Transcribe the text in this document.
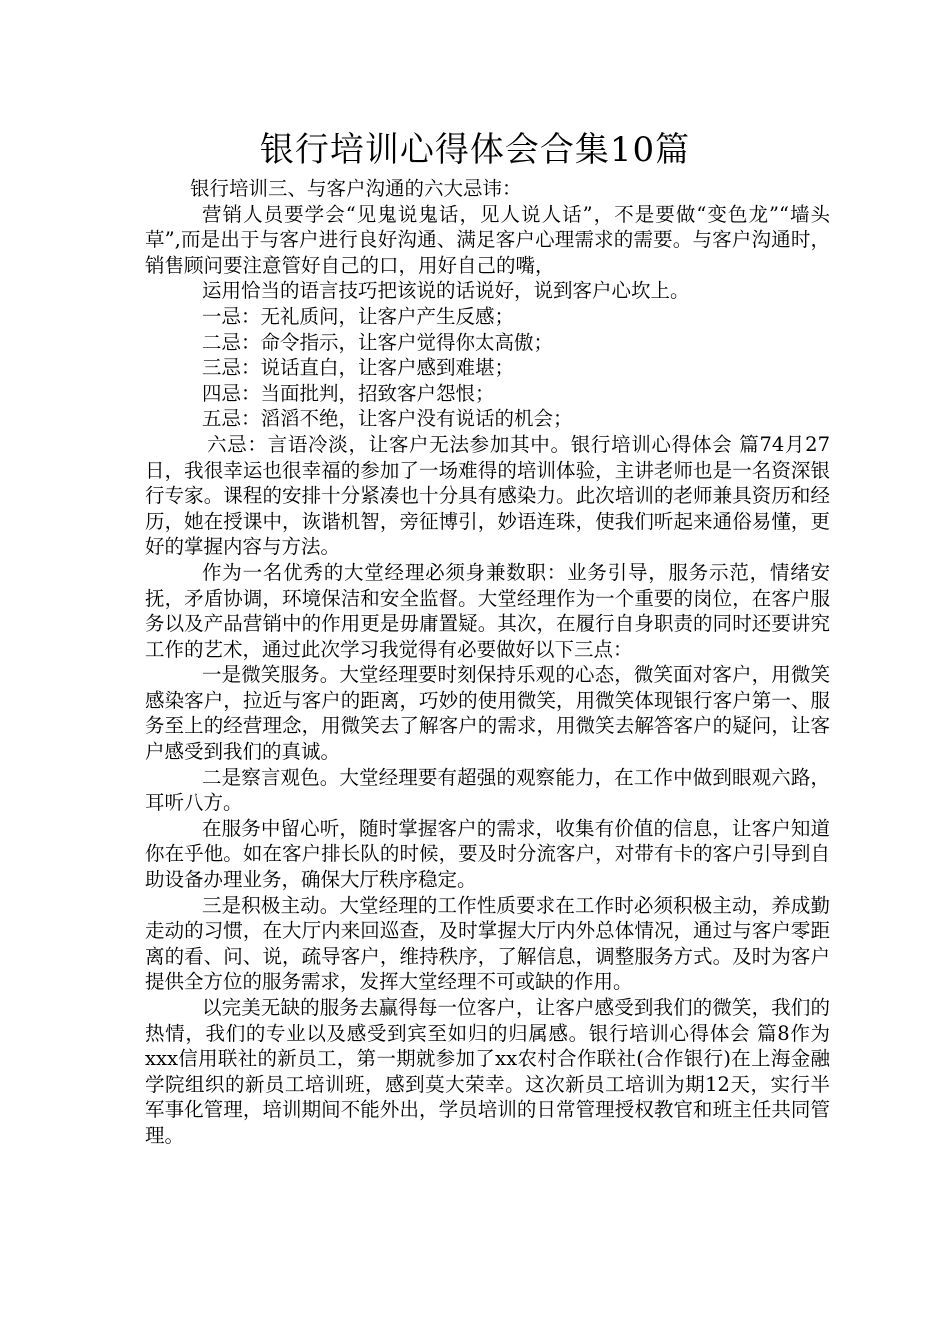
银行培训心得体会合集10篇

银行培训三、与客户沟通的六大忌讳：

营销人员要学会“见鬼说鬼话，见人说人话”，不是要做“变色龙”“墙头草”,而是出于与客户进行良好沟通、满足客户心理需求的需要。与客户沟通时，销售顾问要注意管好自己的口，用好自己的嘴，

运用恰当的语言技巧把该说的话说好，说到客户心坎上。

一忌：无礼质问，让客户产生反感；

二忌：命令指示，让客户觉得你太高傲；

三忌：说话直白，让客户感到难堪；

四忌：当面批判，招致客户怨恨；

五忌：滔滔不绝，让客户没有说话的机会；

六忌：言语冷淡，让客户无法参加其中。银行培训心得体会 篇74月27日，我很幸运也很幸福的参加了一场难得的培训体验，主讲老师也是一名资深银行专家。课程的安排十分紧凑也十分具有感染力。此次培训的老师兼具资历和经历，她在授课中，诙谐机智，旁征博引，妙语连珠，使我们听起来通俗易懂，更好的掌握内容与方法。

作为一名优秀的大堂经理必须身兼数职：业务引导，服务示范，情绪安抚，矛盾协调，环境保洁和安全监督。大堂经理作为一个重要的岗位，在客户服务以及产品营销中的作用更是毋庸置疑。其次，在履行自身职责的同时还要讲究工作的艺术，通过此次学习我觉得有必要做好以下三点：

一是微笑服务。大堂经理要时刻保持乐观的心态，微笑面对客户，用微笑感染客户，拉近与客户的距离，巧妙的使用微笑，用微笑体现银行客户第一、服务至上的经营理念，用微笑去了解客户的需求，用微笑去解答客户的疑问，让客户感受到我们的真诚。

二是察言观色。大堂经理要有超强的观察能力，在工作中做到眼观六路，耳听八方。

在服务中留心听，随时掌握客户的需求，收集有价值的信息，让客户知道你在乎他。如在客户排长队的时候，要及时分流客户，对带有卡的客户引导到自助设备办理业务，确保大厅秩序稳定。

三是积极主动。大堂经理的工作性质要求在工作时必须积极主动，养成勤走动的习惯，在大厅内来回巡查，及时掌握大厅内外总体情况，通过与客户零距离的看、问、说，疏导客户，维持秩序，了解信息，调整服务方式。及时为客户提供全方位的服务需求，发挥大堂经理不可或缺的作用。

以完美无缺的服务去赢得每一位客户，让客户感受到我们的微笑，我们的热情，我们的专业以及感受到宾至如归的归属感。银行培训心得体会 篇8作为xxx信用联社的新员工，第一期就参加了xx农村合作联社(合作银行)在上海金融学院组织的新员工培训班，感到莫大荣幸。这次新员工培训为期12天，实行半军事化管理，培训期间不能外出，学员培训的日常管理授权教官和班主任共同管理。
